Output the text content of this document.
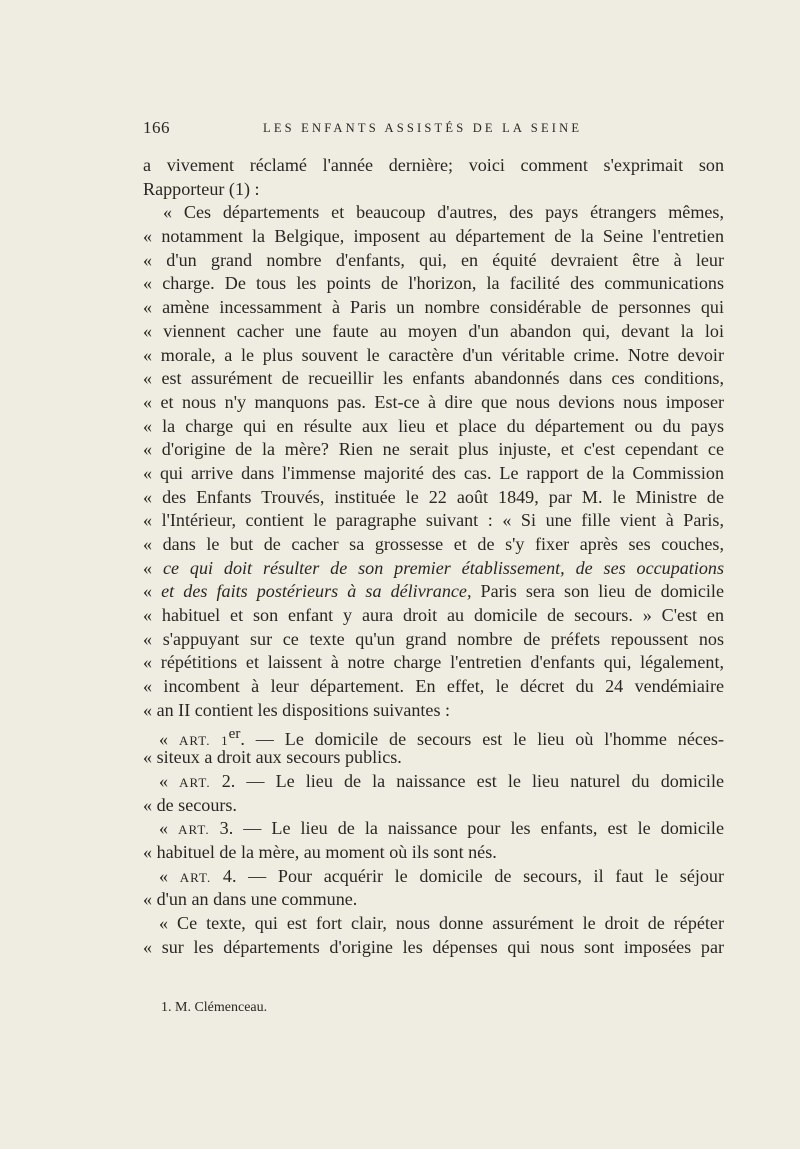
166	LES ENFANTS ASSISTÉS DE LA SEINE
a vivement réclamé l'année dernière; voici comment s'exprimait son
Rapporteur (1) :
« Ces départements et beaucoup d'autres, des pays étrangers mêmes,
« notamment la Belgique, imposent au département de la Seine l'entretien
« d'un grand nombre d'enfants, qui, en équité devraient être à leur
« charge. De tous les points de l'horizon, la facilité des communications
« amène incessamment à Paris un nombre considérable de personnes qui
« viennent cacher une faute au moyen d'un abandon qui, devant la loi
« morale, a le plus souvent le caractère d'un véritable crime. Notre devoir
« est assurément de recueillir les enfants abandonnés dans ces conditions,
« et nous n'y manquons pas. Est-ce à dire que nous devions nous imposer
« la charge qui en résulte aux lieu et place du département ou du pays
« d'origine de la mère? Rien ne serait plus injuste, et c'est cependant ce
« qui arrive dans l'immense majorité des cas. Le rapport de la Commission
« des Enfants Trouvés, instituée le 22 août 1849, par M. le Ministre de
« l'Intérieur, contient le paragraphe suivant : « Si une fille vient à Paris,
« dans le but de cacher sa grossesse et de s'y fixer après ses couches,
« ce qui doit résulter de son premier établissement, de ses occupations
« et des faits postérieurs à sa délivrance, Paris sera son lieu de domicile
« habituel et son enfant y aura droit au domicile de secours. » C'est en
« s'appuyant sur ce texte qu'un grand nombre de préfets repoussent nos
« répétitions et laissent à notre charge l'entretien d'enfants qui, légalement,
« incombent à leur département. En effet, le décret du 24 vendémiaire
« an II contient les dispositions suivantes :
« ART. 1er. — Le domicile de secours est le lieu où l'homme néces-
« siteux a droit aux secours publics.
« ART. 2. — Le lieu de la naissance est le lieu naturel du domicile
« de secours.
« ART. 3. — Le lieu de la naissance pour les enfants, est le domicile
« habituel de la mère, au moment où ils sont nés.
« ART. 4. — Pour acquérir le domicile de secours, il faut le séjour
« d'un an dans une commune.
« Ce texte, qui est fort clair, nous donne assurément le droit de répéter
« sur les départements d'origine les dépenses qui nous sont imposées par
1. M. Clémenceau.
